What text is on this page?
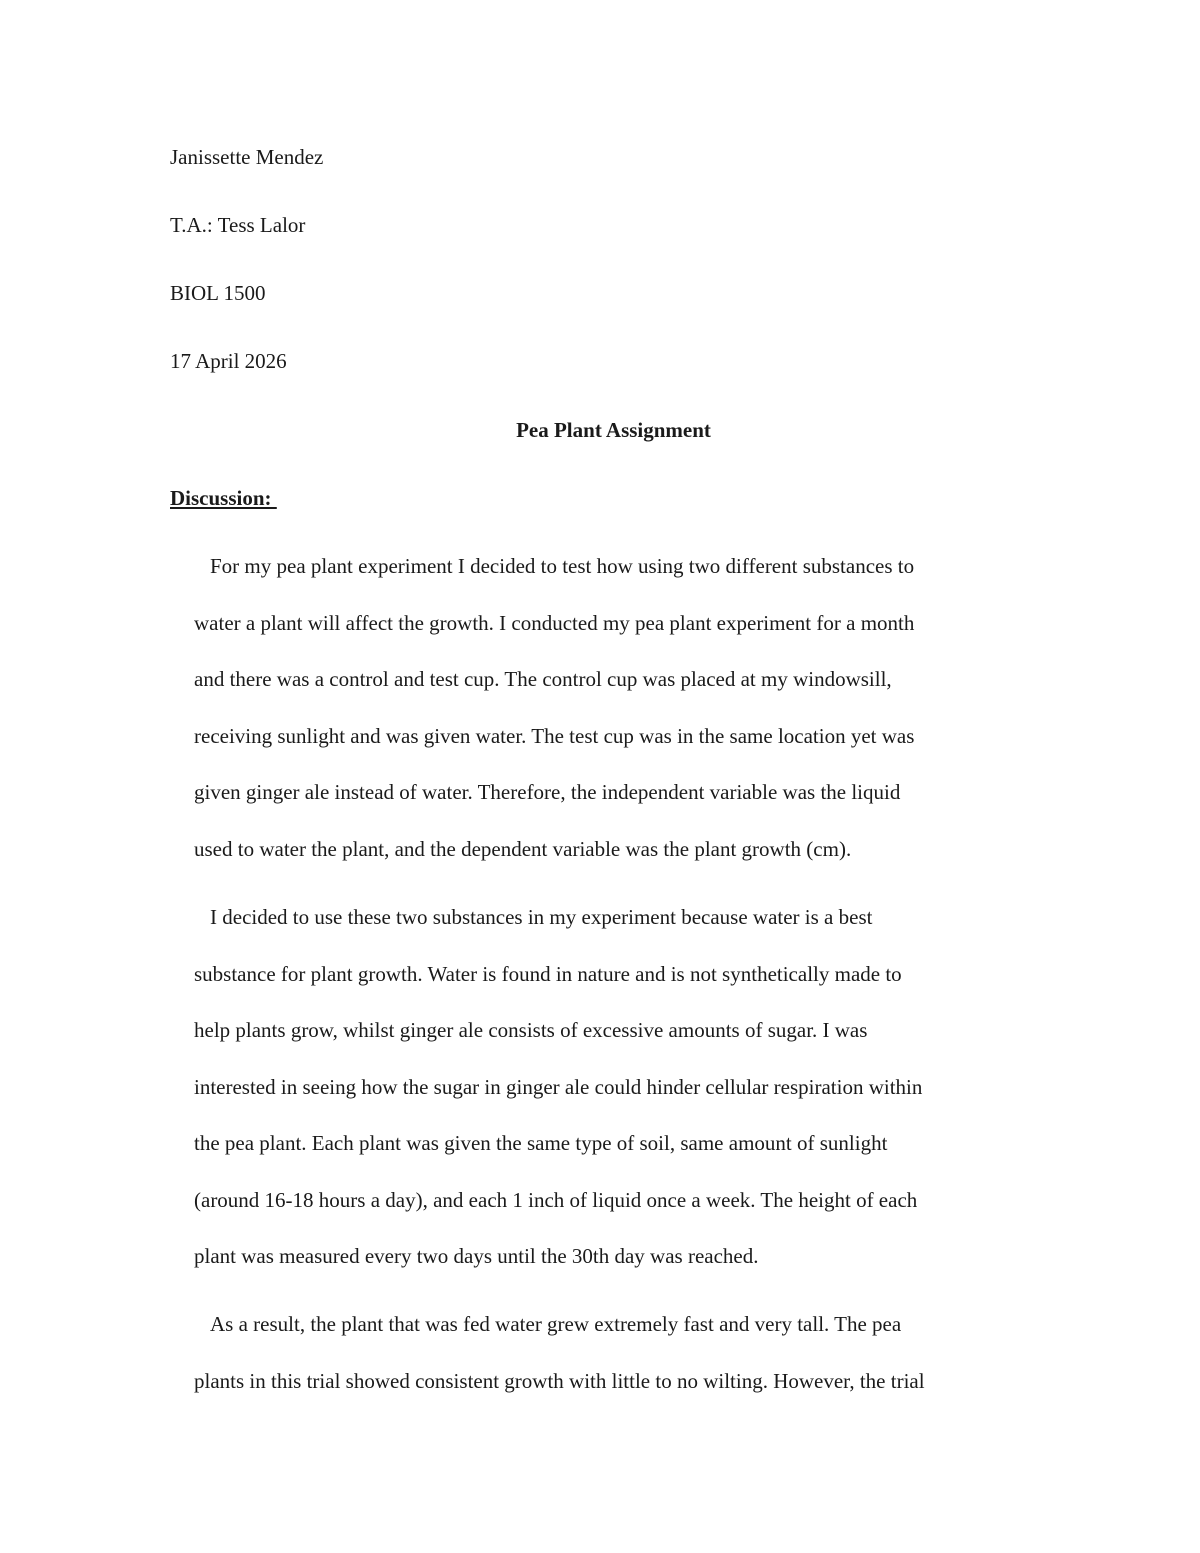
Janissette Mendez
T.A.: Tess Lalor
BIOL 1500
17 April 2026
Pea Plant Assignment
Discussion:
For my pea plant experiment I decided to test how using two different substances to
water a plant will affect the growth. I conducted my pea plant experiment for a month
and there was a control and test cup. The control cup was placed at my windowsill,
receiving sunlight and was given water. The test cup was in the same location yet was
given ginger ale instead of water. Therefore, the independent variable was the liquid
used to water the plant, and the dependent variable was the plant growth (cm).
I decided to use these two substances in my experiment because water is a best
substance for plant growth. Water is found in nature and is not synthetically made to
help plants grow, whilst ginger ale consists of excessive amounts of sugar. I was
interested in seeing how the sugar in ginger ale could hinder cellular respiration within
the pea plant. Each plant was given the same type of soil, same amount of sunlight
(around 16-18 hours a day), and each 1 inch of liquid once a week. The height of each
plant was measured every two days until the 30th day was reached.
As a result, the plant that was fed water grew extremely fast and very tall. The pea
plants in this trial showed consistent growth with little to no wilting. However, the trial
